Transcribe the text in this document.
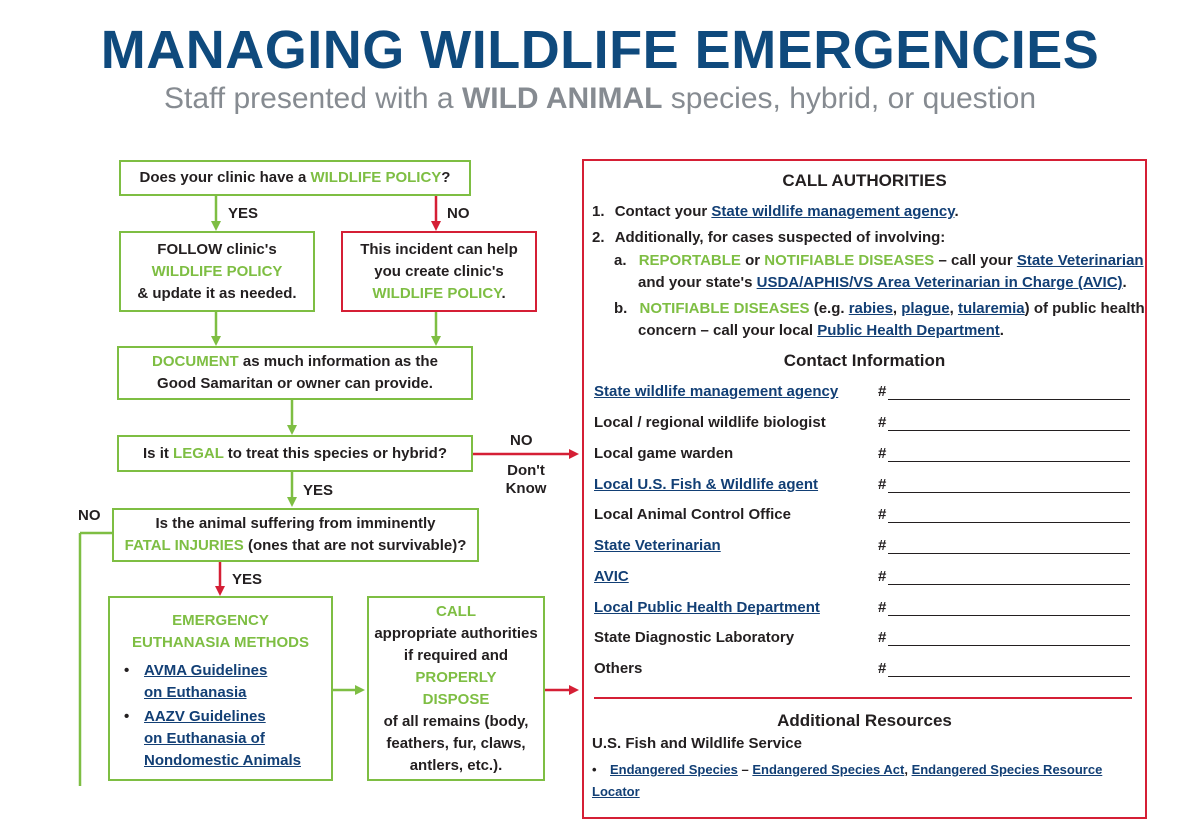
MANAGING WILDLIFE EMERGENCIES
Staff presented with a WILD ANIMAL species, hybrid, or question
Does your clinic have a WILDLIFE POLICY?
YES	NO
FOLLOW clinic's
WILDLIFE POLICY
& update it as needed.
This incident can help
you create clinic's
WILDLIFE POLICY.
DOCUMENT as much information as the
Good Samaritan or owner can provide.
Is it LEGAL to treat this species or hybrid?
NO
Don't Know
YES
NO	Is the animal suffering from imminently
FATAL INJURIES (ones that are not survivable)?
YES
EMERGENCY
EUTHANASIA METHODS
• AVMA Guidelines
on Euthanasia
• AAZV Guidelines
on Euthanasia of
Nondomestic Animals
CALL
appropriate authorities
if required and
PROPERLY
DISPOSE
of all remains (body,
feathers, fur, claws,
antlers, etc.).
CALL AUTHORITIES
1. Contact your State wildlife management agency.
2. Additionally, for cases suspected of involving:
a. REPORTABLE or NOTIFIABLE DISEASES – call your State Veterinarian
and your state's USDA/APHIS/VS Area Veterinarian in Charge (AVIC).
b. NOTIFIABLE DISEASES (e.g. rabies, plague, tularemia) of public health
concern – call your local Public Health Department.
Contact Information
State wildlife management agency	#
Local / regional wildlife biologist	#
Local game warden	#
Local U.S. Fish & Wildlife agent	#
Local Animal Control Office	#
State Veterinarian	#
AVIC	#
Local Public Health Department	#
State Diagnostic Laboratory	#
Others	#
Additional Resources
U.S. Fish and Wildlife Service
• Endangered Species – Endangered Species Act, Endangered Species Resource Locator
